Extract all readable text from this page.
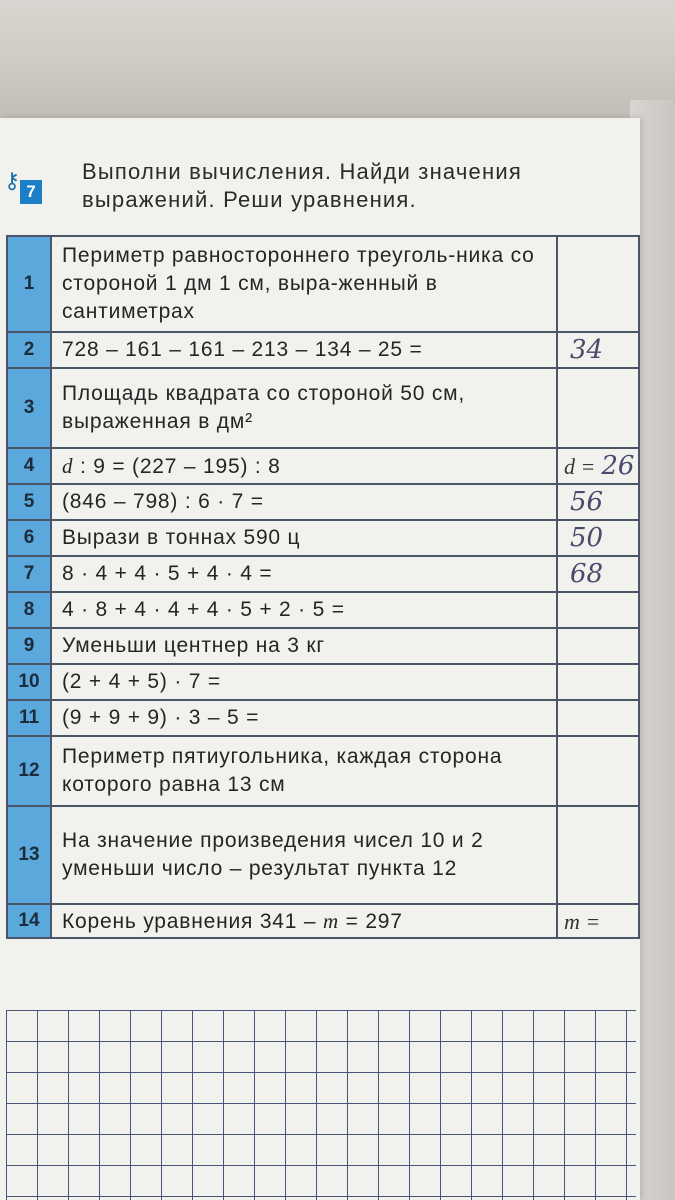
⚷ 7
Выполни вычисления. Найди значения выражений. Реши уравнения.
1	Периметр равностороннего треуголь-ника со стороной 1 дм 1 см, выра-женный в сантиметрах	
2	728 – 161 – 161 – 213 – 134 – 25 =	34
3	Площадь квадрата со стороной 50 см, выраженная в дм²	
4	d : 9 = (227 – 195) : 8	d = 26
5	(846 – 798) : 6 · 7 =	56
6	Вырази в тоннах 590 ц	50
7	8 · 4 + 4 · 5 + 4 · 4 =	68
8	4 · 8 + 4 · 4 + 4 · 5 + 2 · 5 =	
9	Уменьши центнер на 3 кг	
10	(2 + 4 + 5) · 7 =	
11	(9 + 9 + 9) · 3 – 5 =	
12	Периметр пятиугольника, каждая сторона которого равна 13 см	
13	На значение произведения чисел 10 и 2 уменьши число – результат пункта 12	
14	Корень уравнения 341 – m = 297	m =
